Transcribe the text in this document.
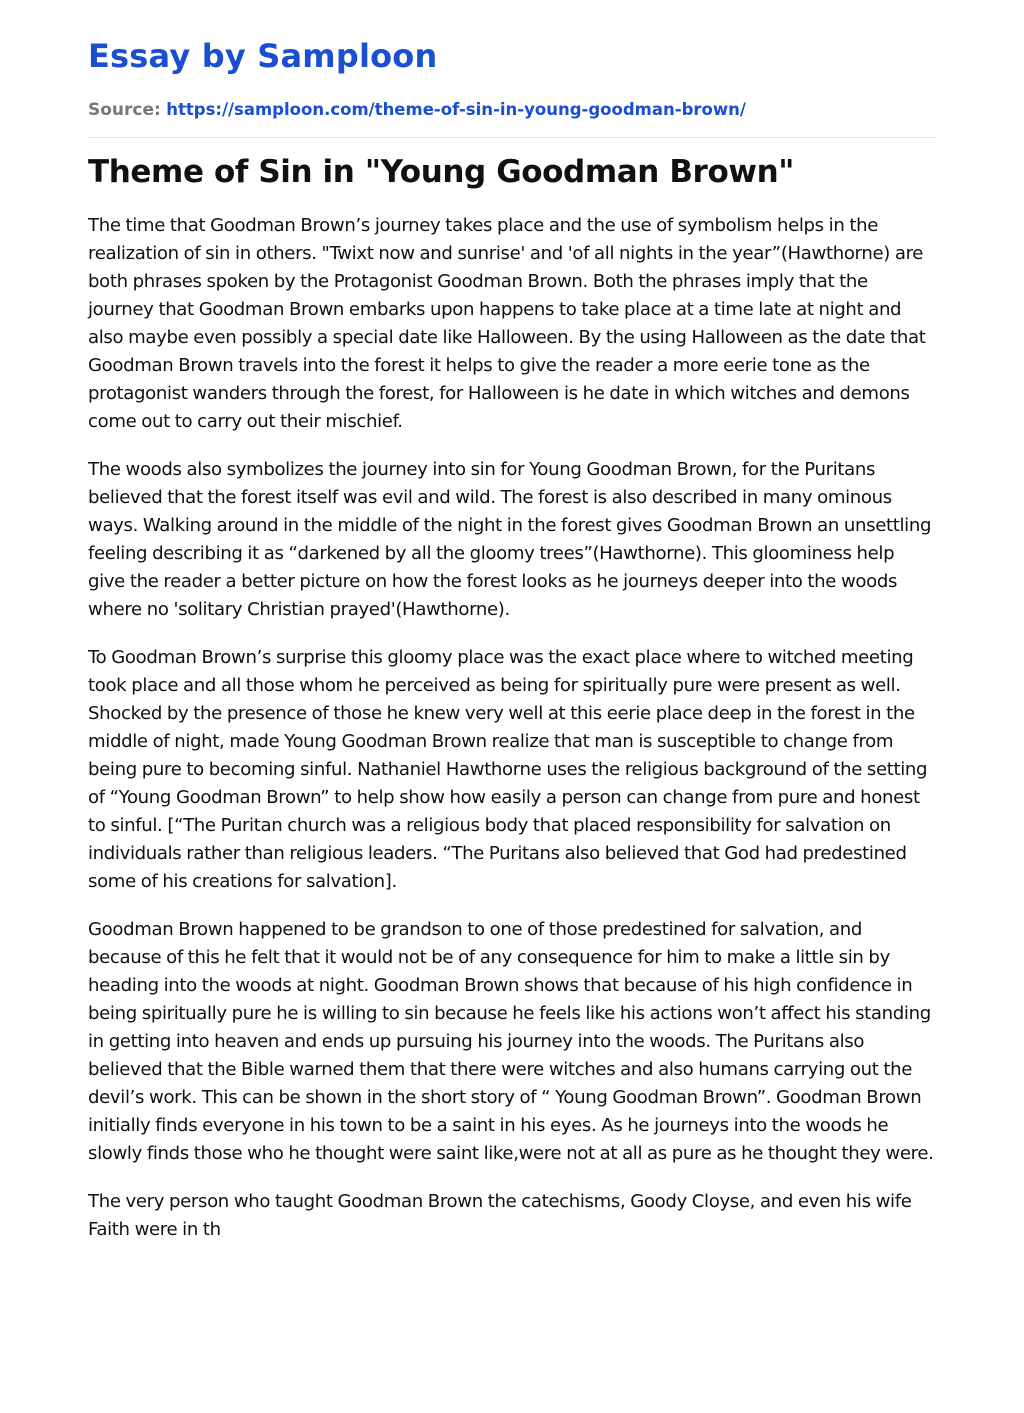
Essay by Samploon
Source: https://samploon.com/theme-of-sin-in-young-goodman-brown/
Theme of Sin in "Young Goodman Brown"

The time that Goodman Brown’s journey takes place and the use of symbolism helps in the realization of sin in others. "Twixt now and sunrise' and 'of all nights in the year”(Hawthorne) are both phrases spoken by the Protagonist Goodman Brown. Both the phrases imply that the journey that Goodman Brown embarks upon happens to take place at a time late at night and also maybe even possibly a special date like Halloween. By the using Halloween as the date that Goodman Brown travels into the forest it helps to give the reader a more eerie tone as the protagonist wanders through the forest, for Halloween is he date in which witches and demons come out to carry out their mischief.

The woods also symbolizes the journey into sin for Young Goodman Brown, for the Puritans believed that the forest itself was evil and wild. The forest is also described in many ominous ways. Walking around in the middle of the night in the forest gives Goodman Brown an unsettling feeling describing it as “darkened by all the gloomy trees”(Hawthorne). This gloominess help give the reader a better picture on how the forest looks as he journeys deeper into the woods where no 'solitary Christian prayed'(Hawthorne).

To Goodman Brown’s surprise this gloomy place was the exact place where to witched meeting took place and all those whom he perceived as being for spiritually pure were present as well. Shocked by the presence of those he knew very well at this eerie place deep in the forest in the middle of night, made Young Goodman Brown realize that man is susceptible to change from being pure to becoming sinful. Nathaniel Hawthorne uses the religious background of the setting of “Young Goodman Brown” to help show how easily a person can change from pure and honest to sinful. [“The Puritan church was a religious body that placed responsibility for salvation on individuals rather than religious leaders. “The Puritans also believed that God had predestined some of his creations for salvation].

Goodman Brown happened to be grandson to one of those predestined for salvation, and because of this he felt that it would not be of any consequence for him to make a little sin by heading into the woods at night. Goodman Brown shows that because of his high confidence in being spiritually pure he is willing to sin because he feels like his actions won’t affect his standing in getting into heaven and ends up pursuing his journey into the woods. The Puritans also believed that the Bible warned them that there were witches and also humans carrying out the devil’s work. This can be shown in the short story of “ Young Goodman Brown”. Goodman Brown initially finds everyone in his town to be a saint in his eyes. As he journeys into the woods he slowly finds those who he thought were saint like,were not at all as pure as he thought they were.

The very person who taught Goodman Brown the catechisms, Goody Cloyse, and even his wife Faith were in th
